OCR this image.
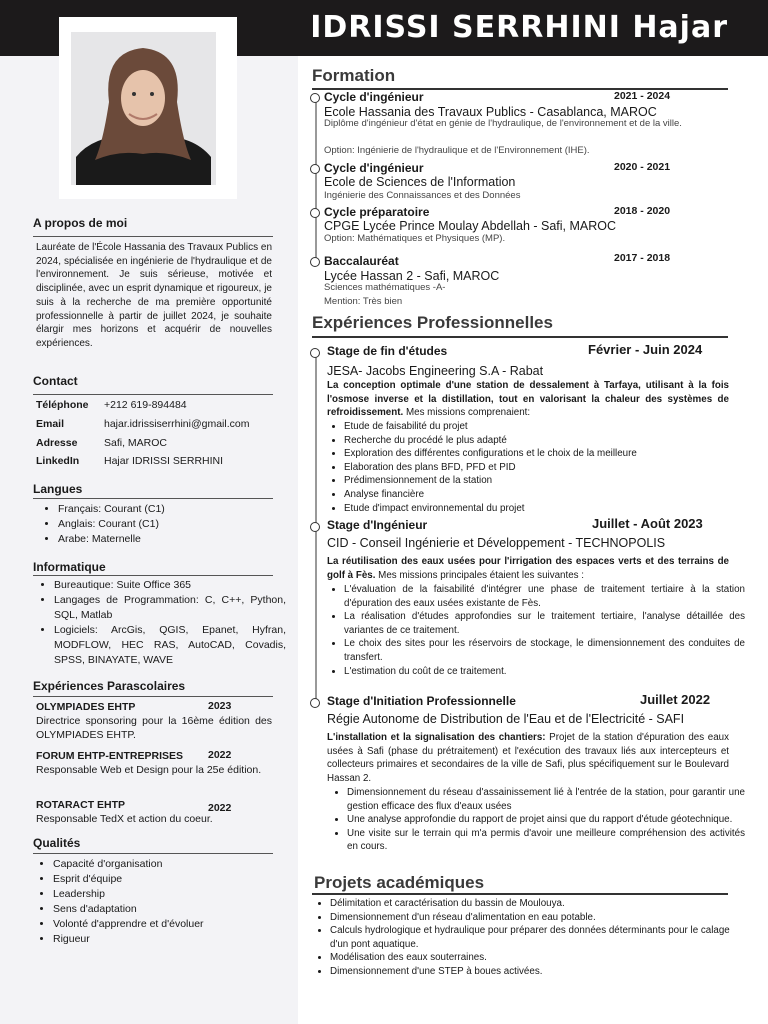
IDRISSI SERRHINI Hajar
A propos de moi
Lauréate de l'École Hassania des Travaux Publics en 2024, spécialisée en ingénierie de l'hydraulique et de l'environnement. Je suis sérieuse, motivée et disciplinée, avec un esprit dynamique et rigoureux, je suis à la recherche de ma première opportunité professionnelle à partir de juillet 2024, je souhaite élargir mes horizons et acquérir de nouvelles expériences.
Contact
Téléphone +212 619-894484
Email	hajar.idrissiserrhini@gmail.com
Adresse	Safi, MAROC
LinkedIn Hajar IDRISSI SERRHINI
Langues
• Français: Courant (C1)
• Anglais: Courant (C1)
• Arabe: Maternelle
Informatique
• Bureautique: Suite Office 365
• Langages de Programmation: C, C++, Python, SQL, Matlab
• Logiciels: ArcGis, QGIS, Epanet, Hyfran, MODFLOW, HEC RAS, AutoCAD, Covadis, SPSS, BINAYATE, WAVE
Expériences Parascolaires
OLYMPIADES EHTP
Directrice sponsoring pour la 16ème édition des OLYMPIADES EHTP.
2023
FORUM EHTP-ENTREPRISES
Responsable Web et Design pour la 25e édition.
2022
ROTARACT EHTP
Responsable TedX et action du coeur.
2022
Qualités
• Capacité d'organisation
• Esprit d'équipe
• Leadership
• Sens d'adaptation
• Volonté d'apprendre et d'évoluer
• Rigueur
Formation
Cycle d'ingénieur	2021 - 2024
Ecole Hassania des Travaux Publics - Casablanca, MAROC
Diplôme d'ingénieur d'état en génie de l'hydraulique, de l'environnement et de la ville.
Option: Ingénierie de l'hydraulique et de l'Environnement (IHE).
Cycle d'ingénieur	2020 - 2021
Ecole de Sciences de l'Information
Ingénierie des Connaissances et des Données
Cycle préparatoire	2018 - 2020
CPGE Lycée Prince Moulay Abdellah - Safi, MAROC
Option: Mathématiques et Physiques (MP).
Baccalauréat	2017 - 2018
Lycée Hassan 2 - Safi, MAROC
Sciences mathématiques -A-
Mention: Très bien
Expériences Professionnelles
Stage de fin d'études	Février - Juin 2024
JESA- Jacobs Engineering S.A - Rabat
La conception optimale d'une station de dessalement à Tarfaya, utilisant à la fois l'osmose inverse et la distillation, tout en valorisant la chaleur des systèmes de refroidissement. Mes missions comprenaient:
• Etude de faisabilité du projet
• Recherche du procédé le plus adapté
• Exploration des différentes configurations et le choix de la meilleure
• Elaboration des plans BFD, PFD et PID
• Prédimensionnement de la station
• Analyse financière
• Etude d'impact environnemental du projet
Stage d'Ingénieur	Juillet - Août 2023
CID - Conseil Ingénierie et Développement - TECHNOPOLIS
La réutilisation des eaux usées pour l'irrigation des espaces verts et des terrains de golf à Fès. Mes missions principales étaient les suivantes :
• L'évaluation de la faisabilité d'intégrer une phase de traitement tertiaire à la station d'épuration des eaux usées existante de Fès.
• La réalisation d'études approfondies sur le traitement tertiaire, l'analyse détaillée des variantes de ce traitement.
• Le choix des sites pour les réservoirs de stockage, le dimensionnement des conduites de transfert.
• L'estimation du coût de ce traitement.
Stage d'Initiation Professionnelle	Juillet 2022
Régie Autonome de Distribution de l'Eau et de l'Electricité - SAFI
L'installation et la signalisation des chantiers: Projet de la station d'épuration des eaux usées à Safi (phase du prétraitement) et l'exécution des travaux liés aux intercepteurs et collecteurs primaires et secondaires de la ville de Safi, plus spécifiquement sur le Boulevard Hassan 2.
• Dimensionnement du réseau d'assainissement lié à l'entrée de la station, pour garantir une gestion efficace des flux d'eaux usées
• Une analyse approfondie du rapport de projet ainsi que du rapport d'étude géotechnique.
• Une visite sur le terrain qui m'a permis d'avoir une meilleure compréhension des activités en cours.
Projets académiques
• Délimitation et caractérisation du bassin de Moulouya.
• Dimensionnement d'un réseau d'alimentation en eau potable.
• Calculs hydrologique et hydraulique pour préparer des données déterminants pour le calage d'un pont aquatique.
• Modélisation des eaux souterraines.
• Dimensionnement d'une STEP à boues activées.
